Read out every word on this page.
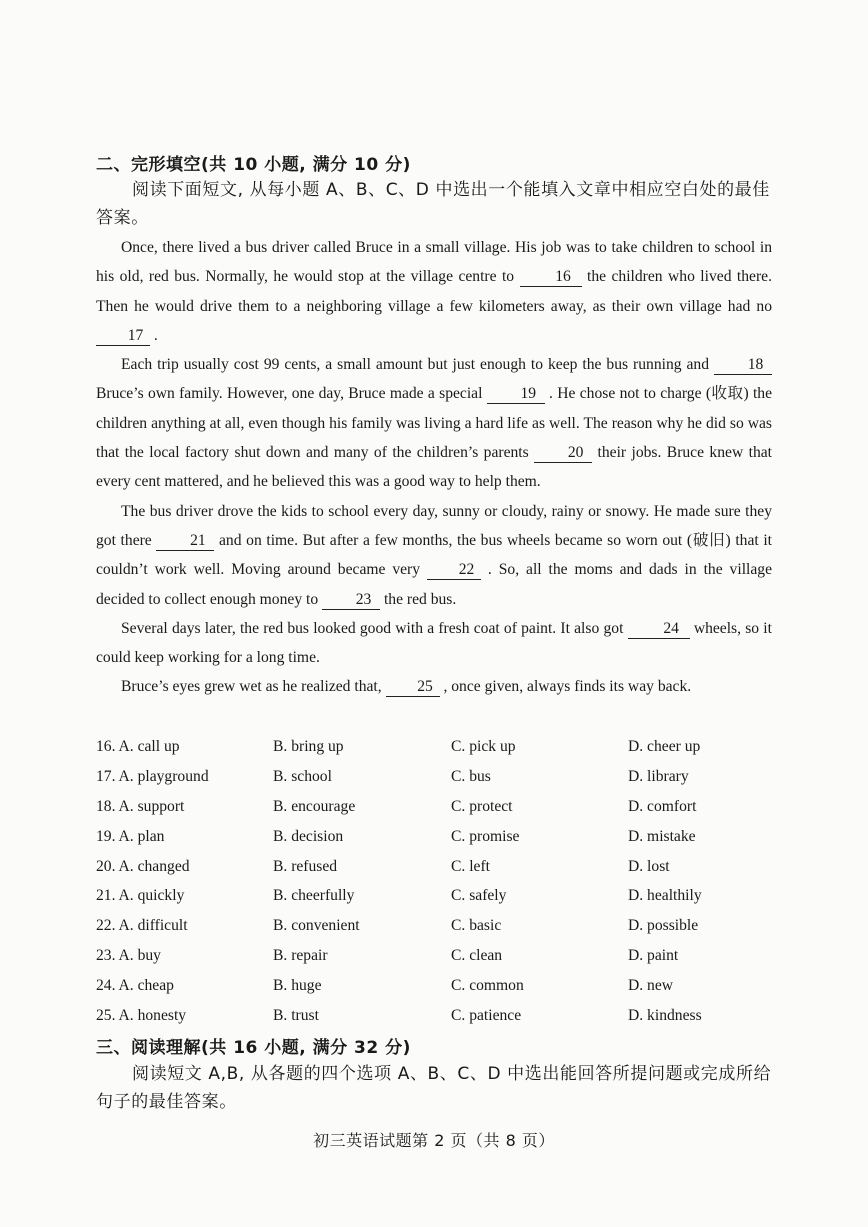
二、完形填空(共 10 小题, 满分 10 分)
阅读下面短文, 从每小题 A、B、C、D 中选出一个能填入文章中相应空白处的最佳答案。

Once, there lived a bus driver called Bruce in a small village. His job was to take children to school in his old, red bus. Normally, he would stop at the village centre to 16 the children who lived there. Then he would drive them to a neighboring village a few kilometers away, as their own village had no 17 .

Each trip usually cost 99 cents, a small amount but just enough to keep the bus running and 18 Bruce’s own family. However, one day, Bruce made a special 19 . He chose not to charge (收取) the children anything at all, even though his family was living a hard life as well. The reason why he did so was that the local factory shut down and many of the children’s parents 20 their jobs. Bruce knew that every cent mattered, and he believed this was a good way to help them.

The bus driver drove the kids to school every day, sunny or cloudy, rainy or snowy. He made sure they got there 21 and on time. But after a few months, the bus wheels became so worn out (破旧) that it couldn’t work well. Moving around became very 22 . So, all the moms and dads in the village decided to collect enough money to 23 the red bus.

Several days later, the red bus looked good with a fresh coat of paint. It also got 24 wheels, so it could keep working for a long time.

Bruce’s eyes grew wet as he realized that, 25 , once given, always finds its way back.

16. A. call up	B. bring up	C. pick up	D. cheer up
17. A. playground	B. school	C. bus	D. library
18. A. support	B. encourage	C. protect	D. comfort
19. A. plan	B. decision	C. promise	D. mistake
20. A. changed	B. refused	C. left	D. lost
21. A. quickly	B. cheerfully	C. safely	D. healthily
22. A. difficult	B. convenient	C. basic	D. possible
23. A. buy	B. repair	C. clean	D. paint
24. A. cheap	B. huge	C. common	D. new
25. A. honesty	B. trust	C. patience	D. kindness
三、阅读理解(共 16 小题, 满分 32 分)
阅读短文 A,B, 从各题的四个选项 A、B、C、D 中选出能回答所提问题或完成所给句子的最佳答案。
初三英语试题第 2 页（共 8 页）
